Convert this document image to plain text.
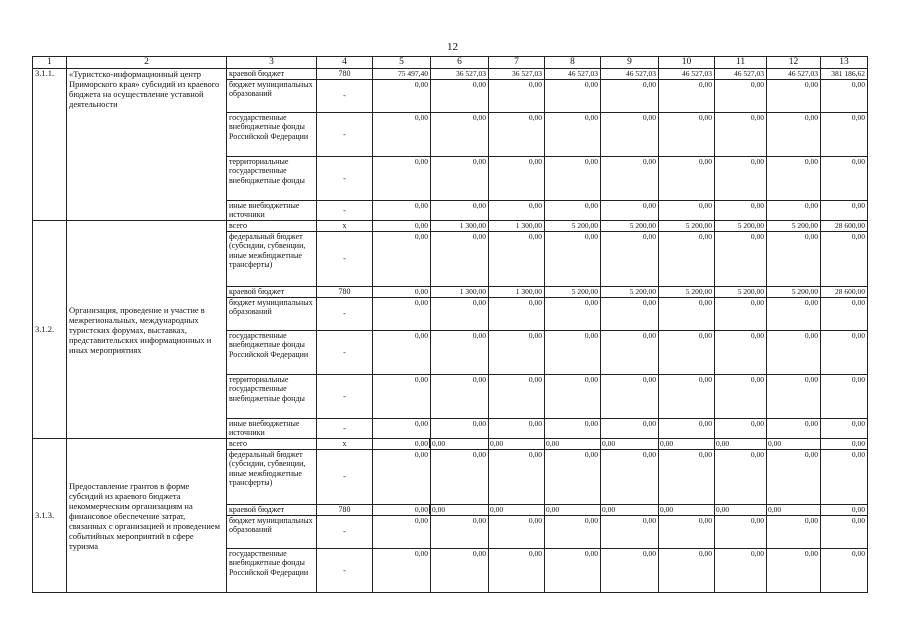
12
1	2	3	4	5	6	7	8	9	10	11	12	13
3.1.1.	«Туристско-информационный центр Приморского края» субсидий из краевого бюджета на осуществление уставной деятельности	краевой бюджет	780	75 497,40	36 527,03	36 527,03	46 527,03	46 527,03	46 527,03	46 527,03	46 527,03	381 186,62
		бюджет муниципальных образований	-	0,00	0,00	0,00	0,00	0,00	0,00	0,00	0,00	0,00
		государственные внебюджетные фонды Российской Федерации	-	0,00	0,00	0,00	0,00	0,00	0,00	0,00	0,00	0,00
		территориальные государственные внебюджетные фонды	-	0,00	0,00	0,00	0,00	0,00	0,00	0,00	0,00	0,00
		иные внебюджетные источники	-	0,00	0,00	0,00	0,00	0,00	0,00	0,00	0,00	0,00
3.1.2.	Организация, проведение и участие в межрегиональных, международных туристских форумах, выставках, представительских информационных и иных мероприятиях	всего	x	0,00	1 300,00	1 300,00	5 200,00	5 200,00	5 200,00	5 200,00	5 200,00	28 600,00
		федеральный бюджет (субсидии, субвенции, иные межбюджетные трансферты)	-	0,00	0,00	0,00	0,00	0,00	0,00	0,00	0,00	0,00
		краевой бюджет	780	0,00	1 300,00	1 300,00	5 200,00	5 200,00	5 200,00	5 200,00	5 200,00	28 600,00
		бюджет муниципальных образований	-	0,00	0,00	0,00	0,00	0,00	0,00	0,00	0,00	0,00
		государственные внебюджетные фонды Российской Федерации	-	0,00	0,00	0,00	0,00	0,00	0,00	0,00	0,00	0,00
		территориальные государственные внебюджетные фонды	-	0,00	0,00	0,00	0,00	0,00	0,00	0,00	0,00	0,00
		иные внебюджетные источники	-	0,00	0,00	0,00	0,00	0,00	0,00	0,00	0,00	0,00
3.1.3.	Предоставление грантов в форме субсидий из краевого бюджета некоммерческим организациям на финансовое обеспечение затрат, связанных с организацией и проведением событийных мероприятий в сфере туризма	всего	x	0,00	0,00	0,00	0,00	0,00	0,00	0,00	0,00	0,00
		федеральный бюджет (субсидии, субвенции, иные межбюджетные трансферты)	-	0,00	0,00	0,00	0,00	0,00	0,00	0,00	0,00	0,00
		краевой бюджет	780	0,00	0,00	0,00	0,00	0,00	0,00	0,00	0,00	0,00
		бюджет муниципальных образований	-	0,00	0,00	0,00	0,00	0,00	0,00	0,00	0,00	0,00
		государственные внебюджетные фонды Российской Федерации	-	0,00	0,00	0,00	0,00	0,00	0,00	0,00	0,00	0,00
